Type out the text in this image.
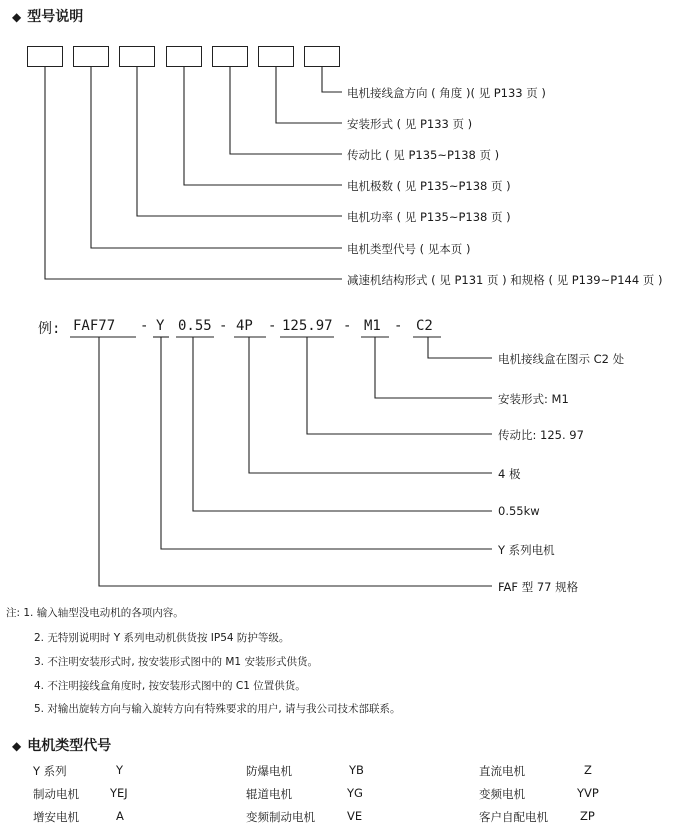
◆ 型号说明
电机接线盒方向 ( 角度 )( 见 P133 页 )
安装形式 ( 见 P133 页 )
传动比 ( 见 P135~P138 页 )
电机极数 ( 见 P135~P138 页 )
电机功率 ( 见 P135~P138 页 )
电机类型代号 ( 见本页 )
减速机结构形式 ( 见 P131 页 ) 和规格 ( 见 P139~P144 页 )
例: FAF77 - Y 0.55 - 4P - 125.97 - M1 - C2
电机接线盒在图示 C2 处
安装形式: M1
传动比: 125. 97
4 极
0.55kw
Y 系列电机
FAF 型 77 规格
注: 1. 输入轴型没电动机的各项内容。
2. 无特别说明时 Y 系列电动机供货按 IP54 防护等级。
3. 不注明安装形式时, 按安装形式图中的 M1 安装形式供货。
4. 不注明接线盒角度时, 按安装形式图中的 C1 位置供货。
5. 对输出旋转方向与输入旋转方向有特殊要求的用户, 请与我公司技术部联系。
◆ 电机类型代号
Y 系列	Y	防爆电机	YB	直流电机	Z
制动电机	YEJ	辊道电机	YG	变频电机	YVP
增安电机	A	变频制动电机	VE	客户自配电机	ZP
